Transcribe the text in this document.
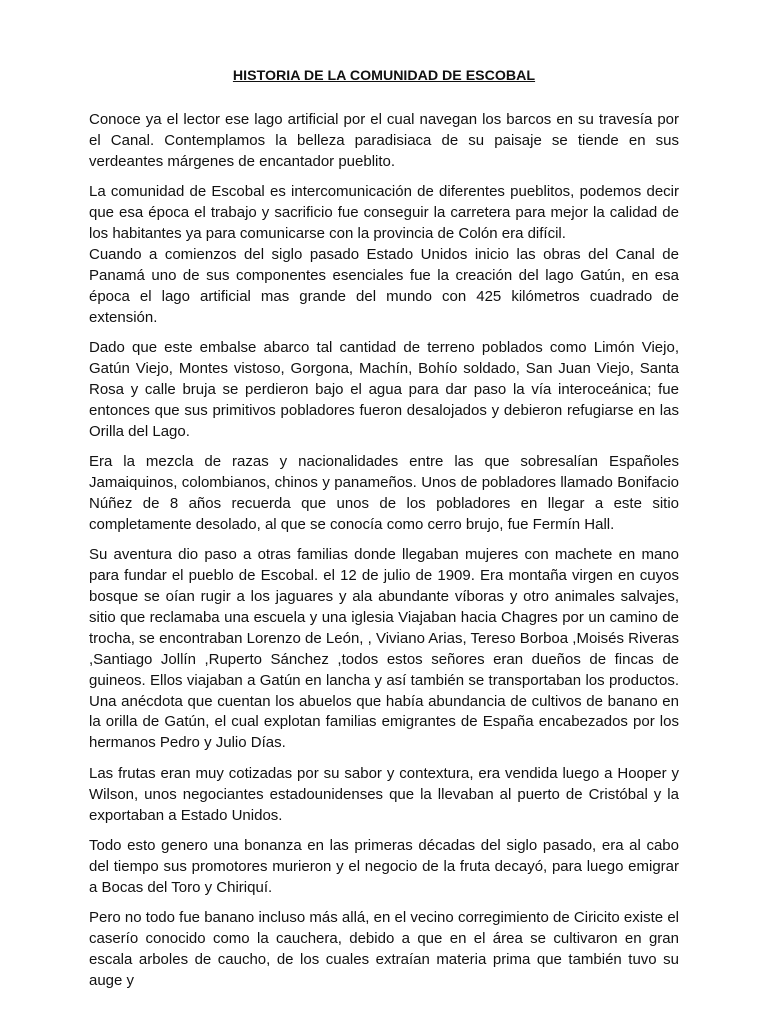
HISTORIA DE LA COMUNIDAD DE ESCOBAL

Conoce ya el lector ese lago artificial por el cual navegan los barcos en su travesía por el Canal. Contemplamos la belleza paradisiaca de su paisaje se tiende en sus verdeantes márgenes de encantador pueblito.

La comunidad de Escobal es intercomunicación de diferentes pueblitos, podemos decir que esa época el trabajo y sacrificio fue conseguir la carretera para mejor la calidad de los habitantes ya para comunicarse con la provincia de Colón era difícil.

Cuando a comienzos del siglo pasado Estado Unidos inicio las obras del Canal de Panamá uno de sus componentes esenciales fue la creación del lago Gatún, en esa época el lago artificial mas grande del mundo con 425 kilómetros cuadrado de extensión.

Dado que este embalse abarco tal cantidad de terreno poblados como Limón Viejo, Gatún Viejo, Montes vistoso, Gorgona, Machín, Bohío soldado, San Juan Viejo, Santa Rosa y calle bruja se perdieron bajo el agua para dar paso la vía interoceánica; fue entonces que sus primitivos pobladores fueron desalojados y debieron refugiarse en las Orilla del Lago.

Era la mezcla de razas y nacionalidades entre las que sobresalían Españoles Jamaiquinos, colombianos, chinos y panameños. Unos de pobladores llamado Bonifacio Núñez de 8 años recuerda que unos de los pobladores en llegar a este sitio completamente desolado, al que se conocía como cerro brujo, fue Fermín Hall.

Su aventura dio paso a otras familias donde llegaban mujeres con machete en mano para fundar el pueblo de Escobal. el 12 de julio de 1909. Era montaña virgen en cuyos bosque se oían rugir a los jaguares y ala abundante víboras y otro animales salvajes, sitio que reclamaba una escuela y una iglesia Viajaban hacia Chagres por un camino de trocha, se encontraban Lorenzo de León, , Viviano Arias, Tereso Borboa ,Moisés Riveras ,Santiago Jollín ,Ruperto Sánchez ,todos estos señores eran dueños de fincas de guineos. Ellos viajaban a Gatún en lancha y así también se transportaban los productos. Una anécdota que cuentan los abuelos que había abundancia de cultivos de banano en la orilla de Gatún, el cual explotan familias emigrantes de España encabezados por los hermanos Pedro y Julio Días.

Las frutas eran muy cotizadas por su sabor y contextura, era vendida luego a Hooper y Wilson, unos negociantes estadounidenses que la llevaban al puerto de Cristóbal y la exportaban a Estado Unidos.

Todo esto genero una bonanza en las primeras décadas del siglo pasado, era al cabo del tiempo sus promotores murieron y el negocio de la fruta decayó, para luego emigrar a Bocas del Toro y Chiriquí.

Pero no todo fue banano incluso más allá, en el vecino corregimiento de Ciricito existe el caserío conocido como la cauchera, debido a que en el área se cultivaron en gran escala arboles de caucho, de los cuales extraían materia prima que también tuvo su auge y
